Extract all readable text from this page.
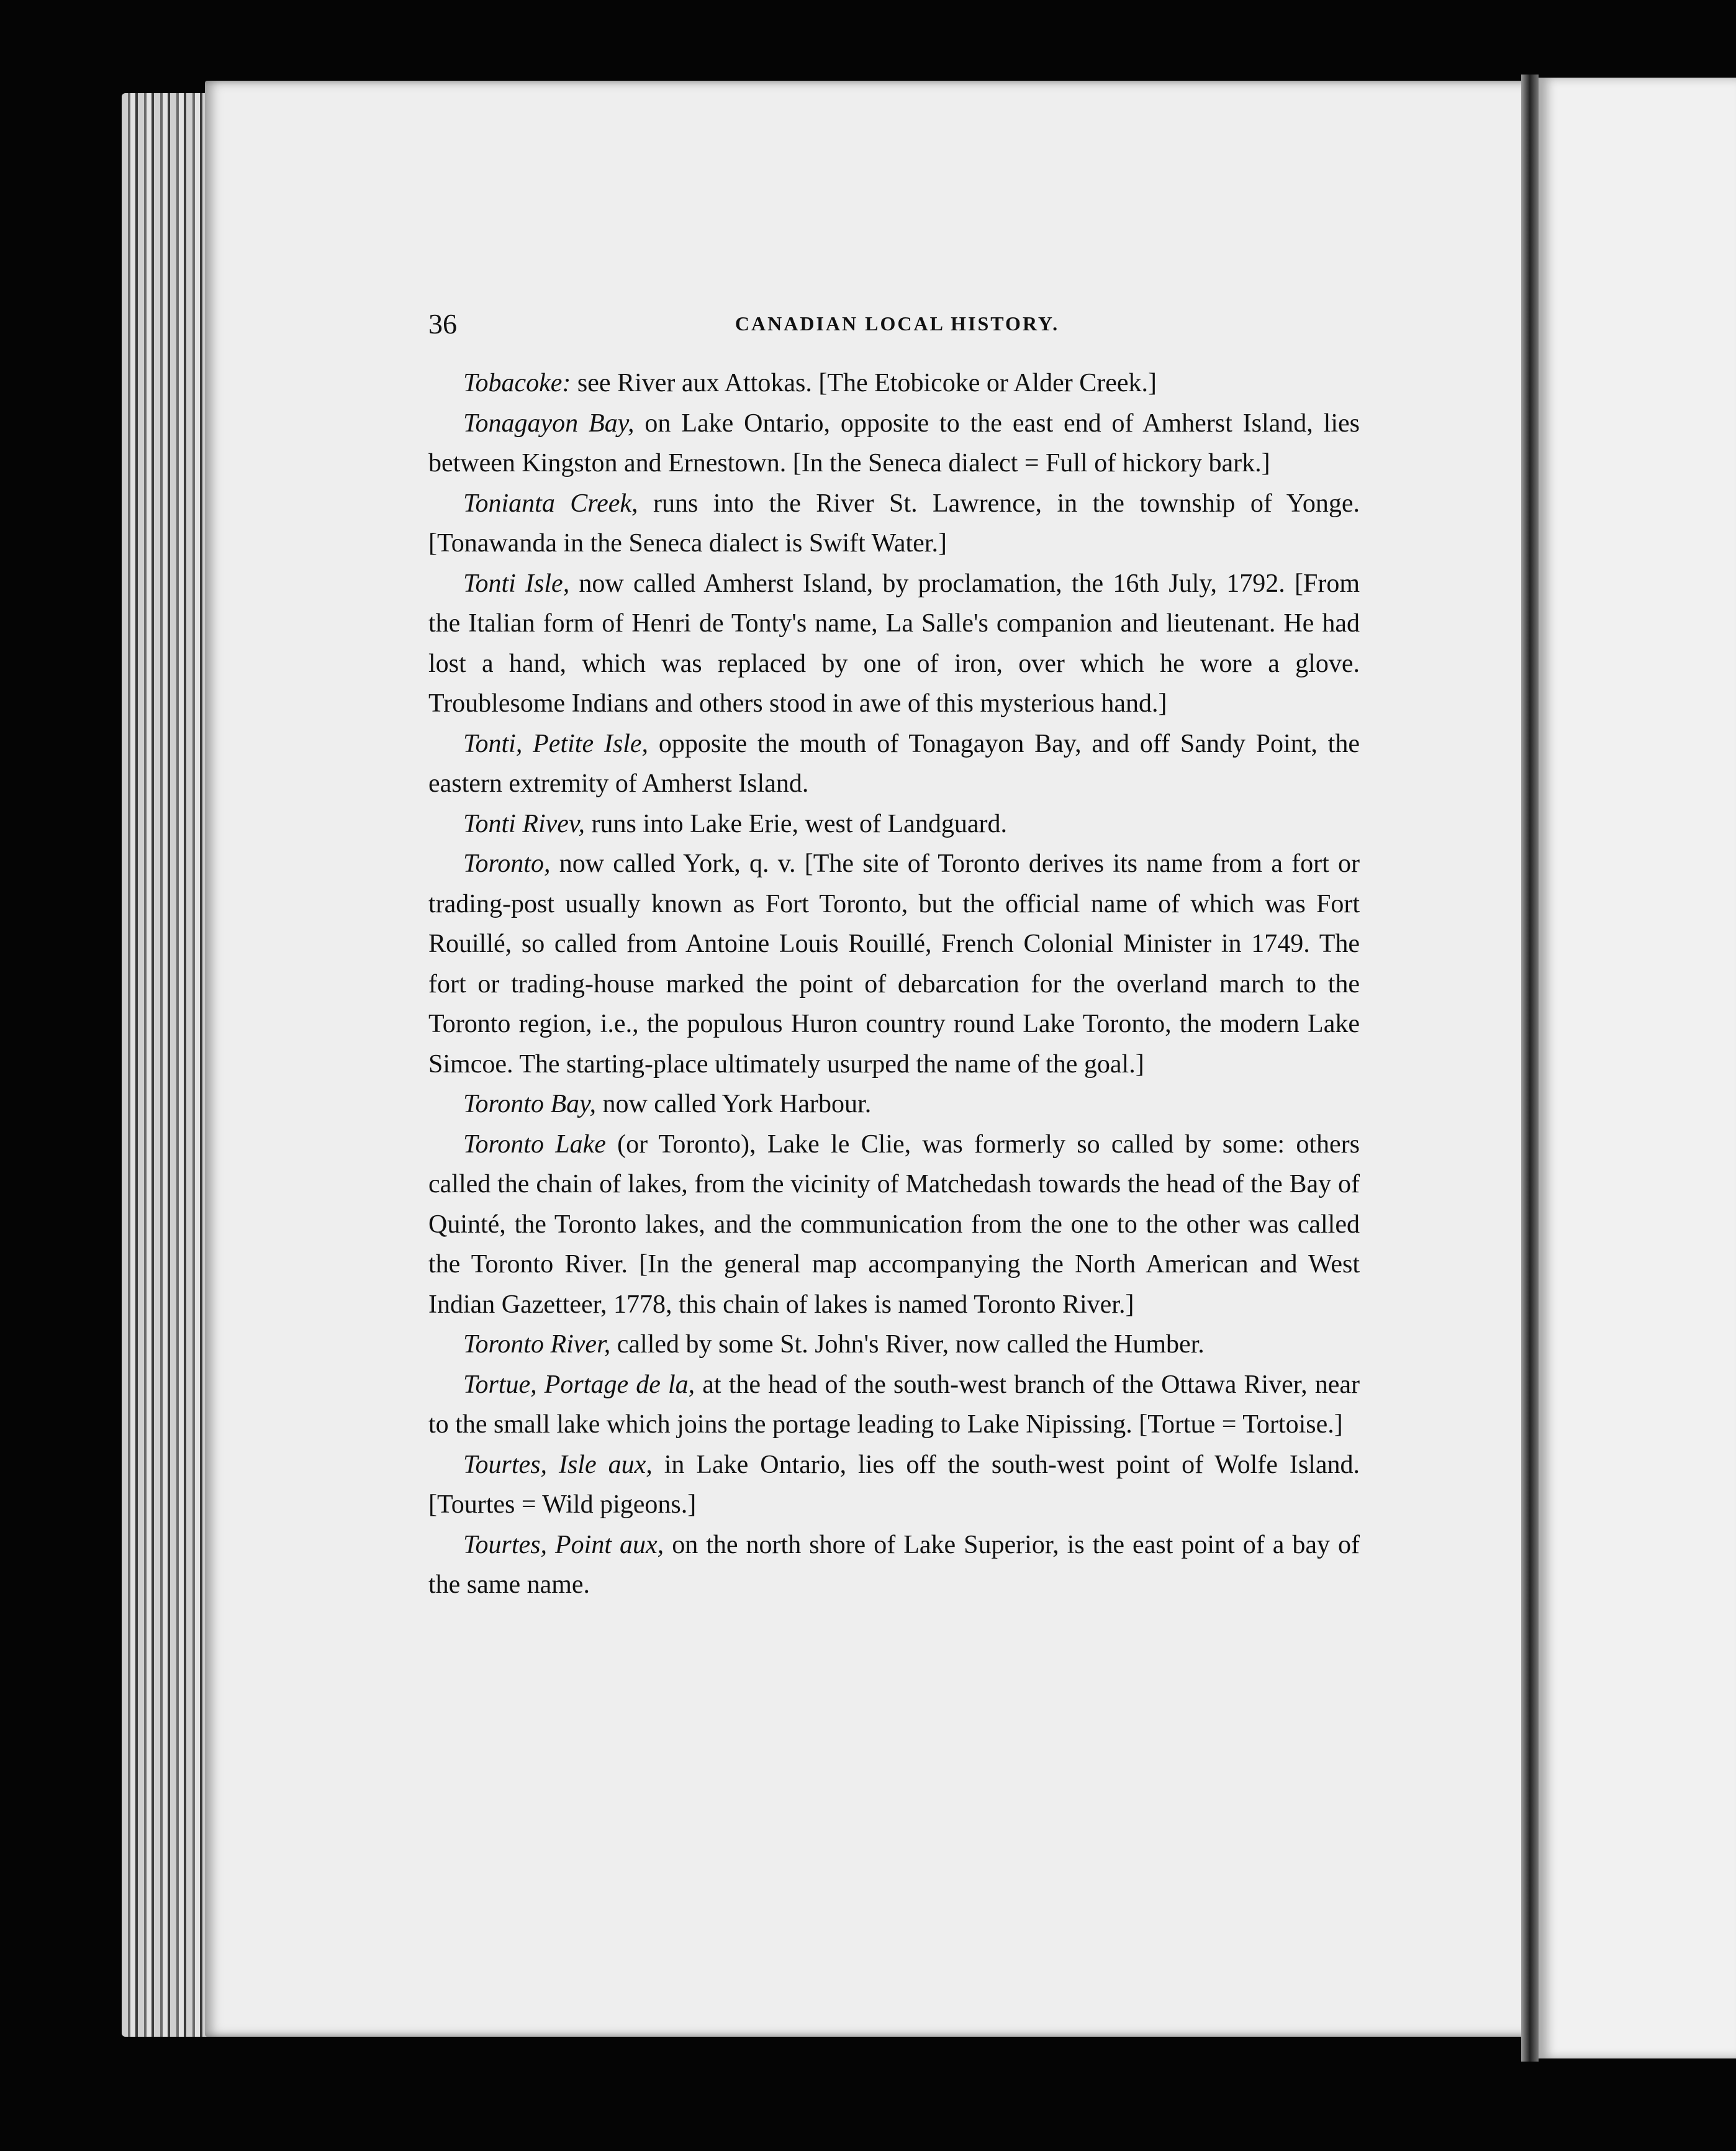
36	CANADIAN LOCAL HISTORY.

Tobacoke: see River aux Attokas. [The Etobicoke or Alder Creek.]

Tonagayon Bay, on Lake Ontario, opposite to the east end of Amherst Island, lies between Kingston and Ernestown. [In the Seneca dialect = Full of hickory bark.]

Tonianta Creek, runs into the River St. Lawrence, in the township of Yonge. [Tonawanda in the Seneca dialect is Swift Water.]

Tonti Isle, now called Amherst Island, by proclamation, the 16th July, 1792. [From the Italian form of Henri de Tonty's name, La Salle's companion and lieutenant. He had lost a hand, which was replaced by one of iron, over which he wore a glove. Troublesome Indians and others stood in awe of this mysterious hand.]

Tonti, Petite Isle, opposite the mouth of Tonagayon Bay, and off Sandy Point, the eastern extremity of Amherst Island.

Tonti Rivev, runs into Lake Erie, west of Landguard.

Toronto, now called York, q. v. [The site of Toronto derives its name from a fort or trading-post usually known as Fort Toronto, but the official name of which was Fort Rouillé, so called from Antoine Louis Rouillé, French Colonial Minister in 1749. The fort or trading-house marked the point of debarcation for the overland march to the Toronto region, i.e., the populous Huron country round Lake Toronto, the modern Lake Simcoe. The starting-place ultimately usurped the name of the goal.]

Toronto Bay, now called York Harbour.

Toronto Lake (or Toronto), Lake le Clie, was formerly so called by some: others called the chain of lakes, from the vicinity of Matchedash towards the head of the Bay of Quinté, the Toronto lakes, and the communication from the one to the other was called the Toronto River. [In the general map accompanying the North American and West Indian Gazetteer, 1778, this chain of lakes is named Toronto River.]

Toronto River, called by some St. John's River, now called the Humber.

Tortue, Portage de la, at the head of the south-west branch of the Ottawa River, near to the small lake which joins the portage leading to Lake Nipissing. [Tortue = Tortoise.]

Tourtes, Isle aux, in Lake Ontario, lies off the south-west point of Wolfe Island. [Tourtes = Wild pigeons.]

Tourtes, Point aux, on the north shore of Lake Superior, is the east point of a bay of the same name.
